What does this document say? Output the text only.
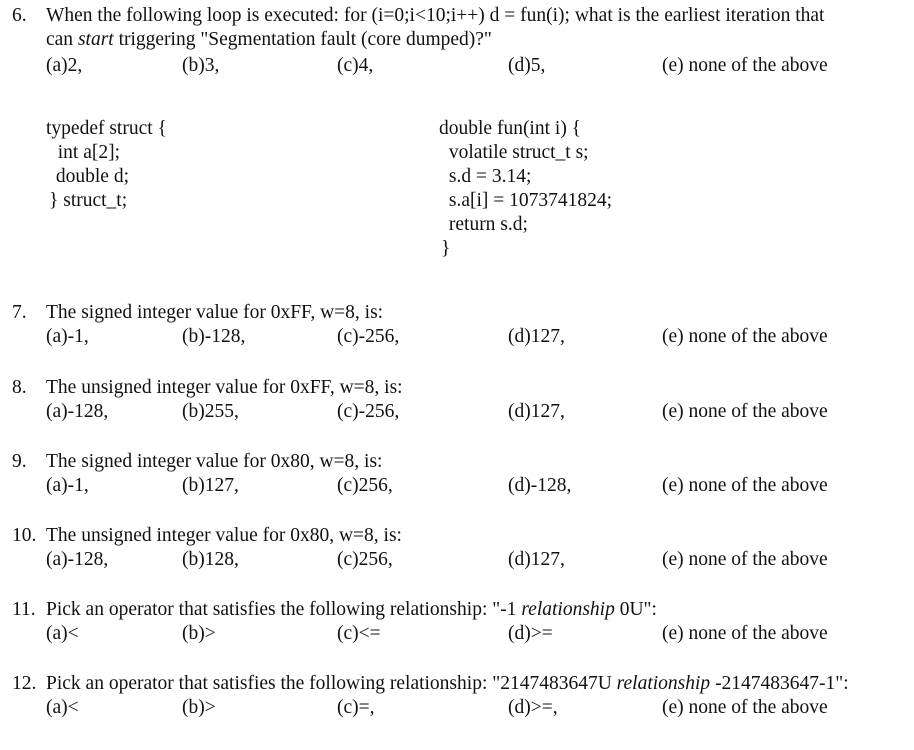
6. When the following loop is executed: for (i=0;i<10;i++) d = fun(i); what is the earliest iteration that
can start triggering "Segmentation fault (core dumped)?"
(a)2,	(b)3,	(c)4,	(d)5,	(e) none of the above
typedef struct {
int a[2];
double d;
} struct_t;
double fun(int i) {
volatile struct_t s;
s.d = 3.14;
s.a[i] = 1073741824;
return s.d;
}
7. The signed integer value for 0xFF, w=8, is:
(a)-1,	(b)-128,	(c)-256,	(d)127,	(e) none of the above
8. The unsigned integer value for 0xFF, w=8, is:
(a)-128,	(b)255,	(c)-256,	(d)127,	(e) none of the above
9. The signed integer value for 0x80, w=8, is:
(a)-1,	(b)127,	(c)256,	(d)-128,	(e) none of the above
10. The unsigned integer value for 0x80, w=8, is:
(a)-128,	(b)128,	(c)256,	(d)127,	(e) none of the above
11. Pick an operator that satisfies the following relationship: "-1 relationship 0U":
(a)<	(b)>	(c)<=	(d)>=	(e) none of the above
12. Pick an operator that satisfies the following relationship: "2147483647U relationship -2147483647-1":
(a)<	(b)>	(c)=,	(d)>=,	(e) none of the above
